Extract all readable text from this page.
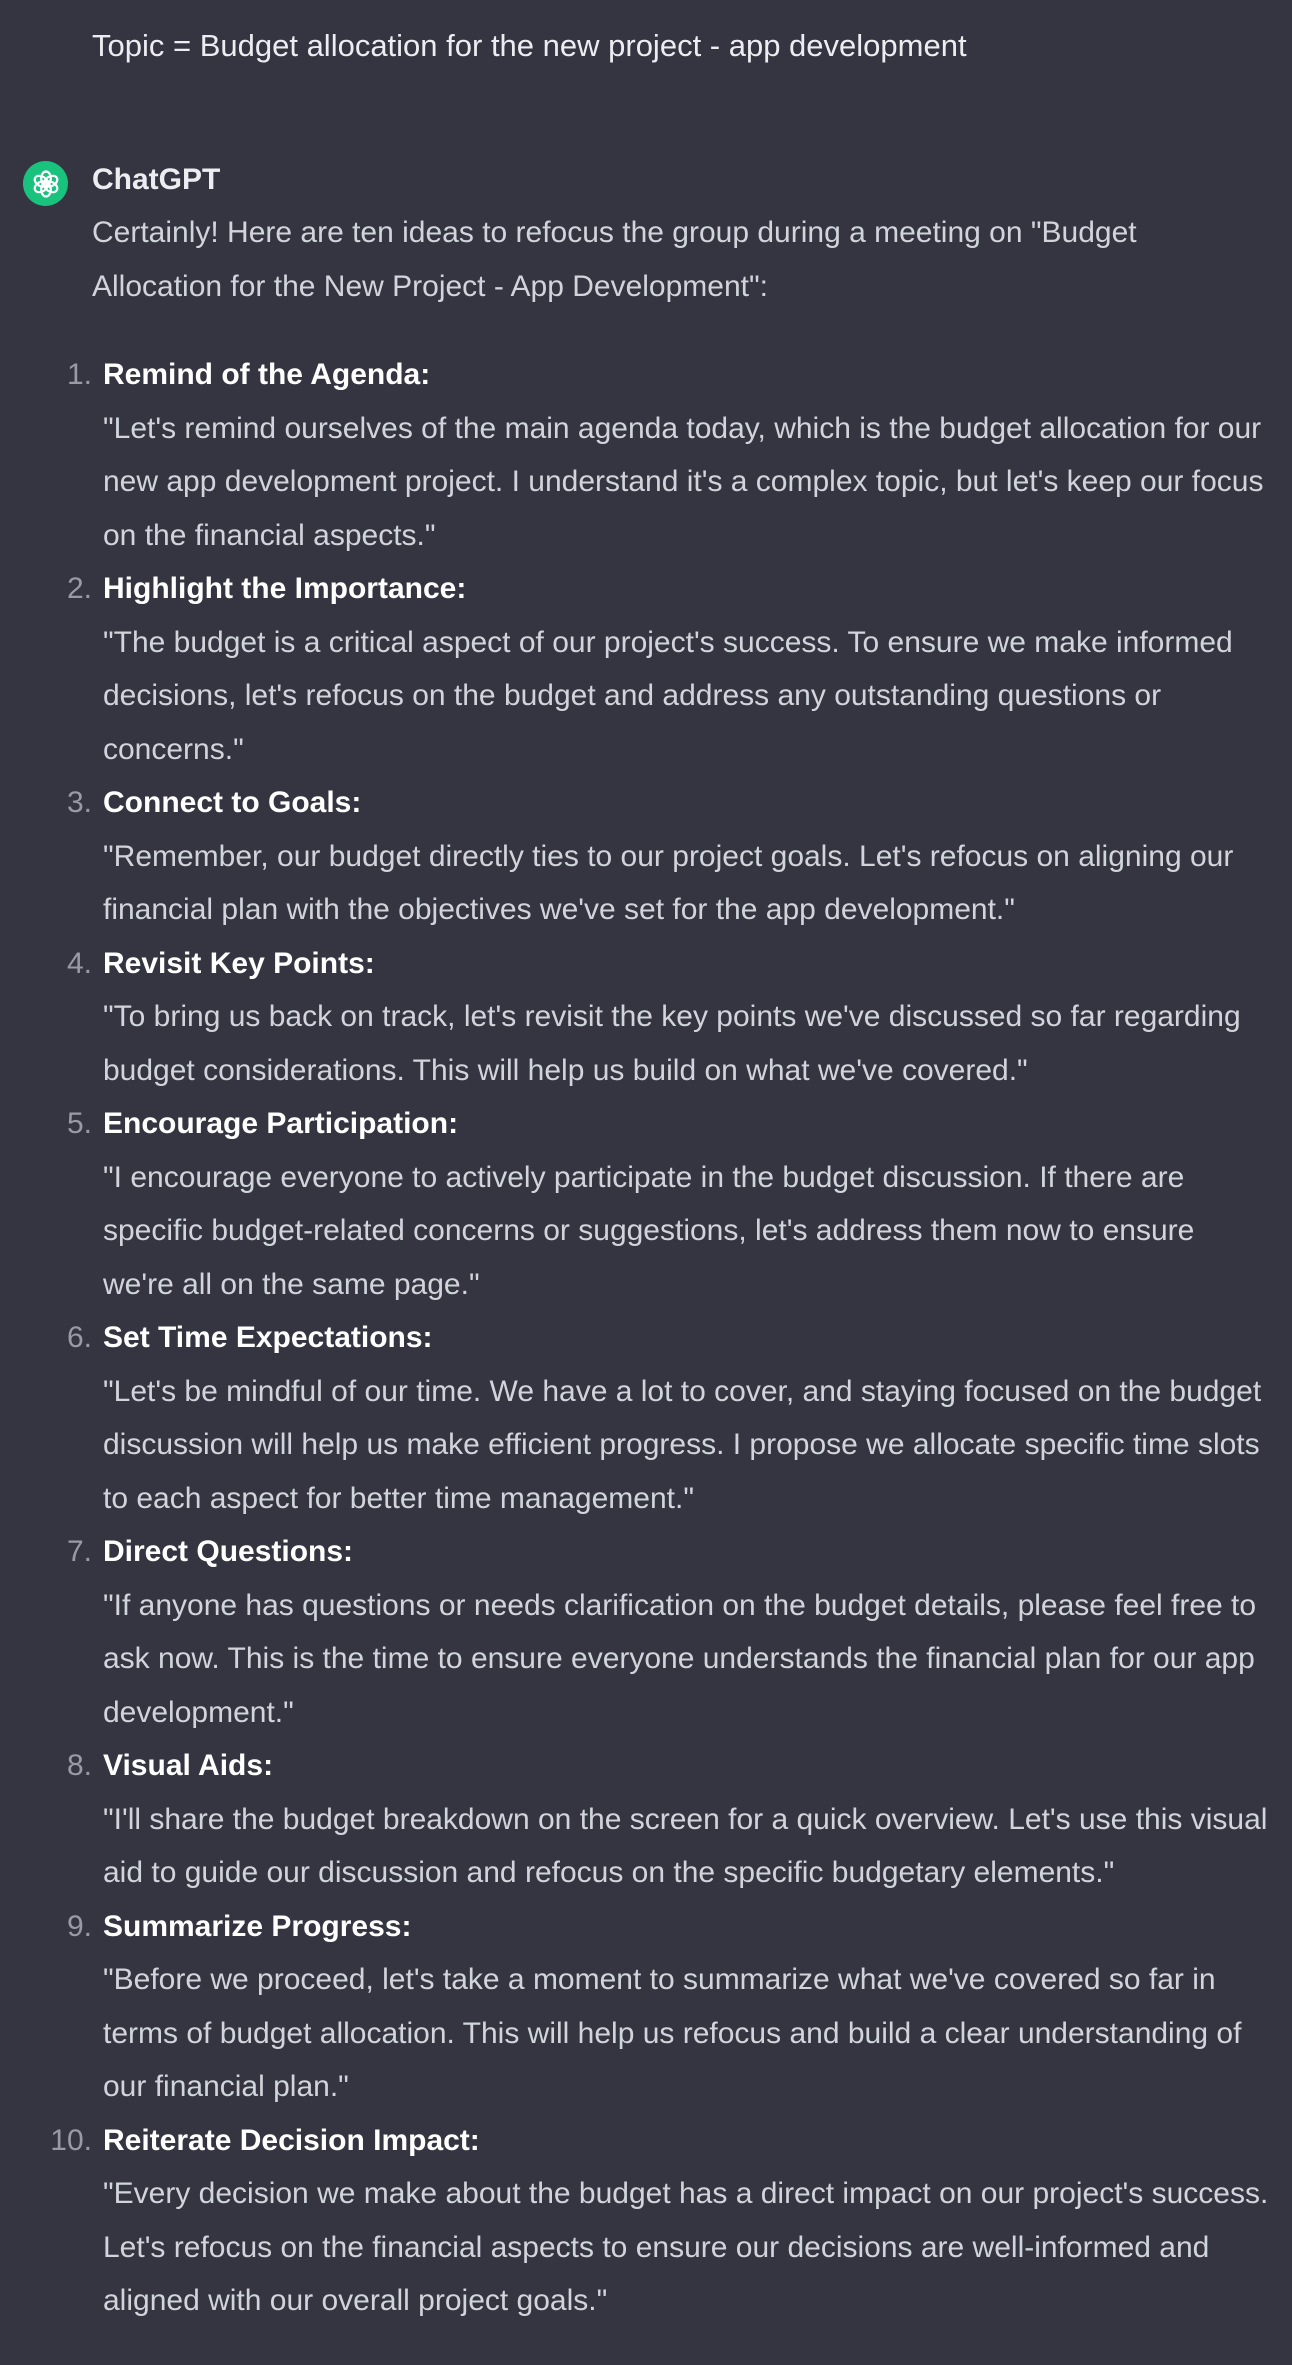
Topic = Budget allocation for the new project - app development
ChatGPT

Certainly! Here are ten ideas to refocus the group during a meeting on "Budget Allocation for the New Project - App Development":

1. Remind of the Agenda:
"Let's remind ourselves of the main agenda today, which is the budget allocation for our new app development project. I understand it's a complex topic, but let's keep our focus on the financial aspects."
2. Highlight the Importance:
"The budget is a critical aspect of our project's success. To ensure we make informed decisions, let's refocus on the budget and address any outstanding questions or concerns."
3. Connect to Goals:
"Remember, our budget directly ties to our project goals. Let's refocus on aligning our financial plan with the objectives we've set for the app development."
4. Revisit Key Points:
"To bring us back on track, let's revisit the key points we've discussed so far regarding budget considerations. This will help us build on what we've covered."
5. Encourage Participation:
"I encourage everyone to actively participate in the budget discussion. If there are specific budget-related concerns or suggestions, let's address them now to ensure we're all on the same page."
6. Set Time Expectations:
"Let's be mindful of our time. We have a lot to cover, and staying focused on the budget discussion will help us make efficient progress. I propose we allocate specific time slots to each aspect for better time management."
7. Direct Questions:
"If anyone has questions or needs clarification on the budget details, please feel free to ask now. This is the time to ensure everyone understands the financial plan for our app development."
8. Visual Aids:
"I'll share the budget breakdown on the screen for a quick overview. Let's use this visual aid to guide our discussion and refocus on the specific budgetary elements."
9. Summarize Progress:
"Before we proceed, let's take a moment to summarize what we've covered so far in terms of budget allocation. This will help us refocus and build a clear understanding of our financial plan."
10. Reiterate Decision Impact:
"Every decision we make about the budget has a direct impact on our project's success. Let's refocus on the financial aspects to ensure our decisions are well-informed and aligned with our overall project goals."
